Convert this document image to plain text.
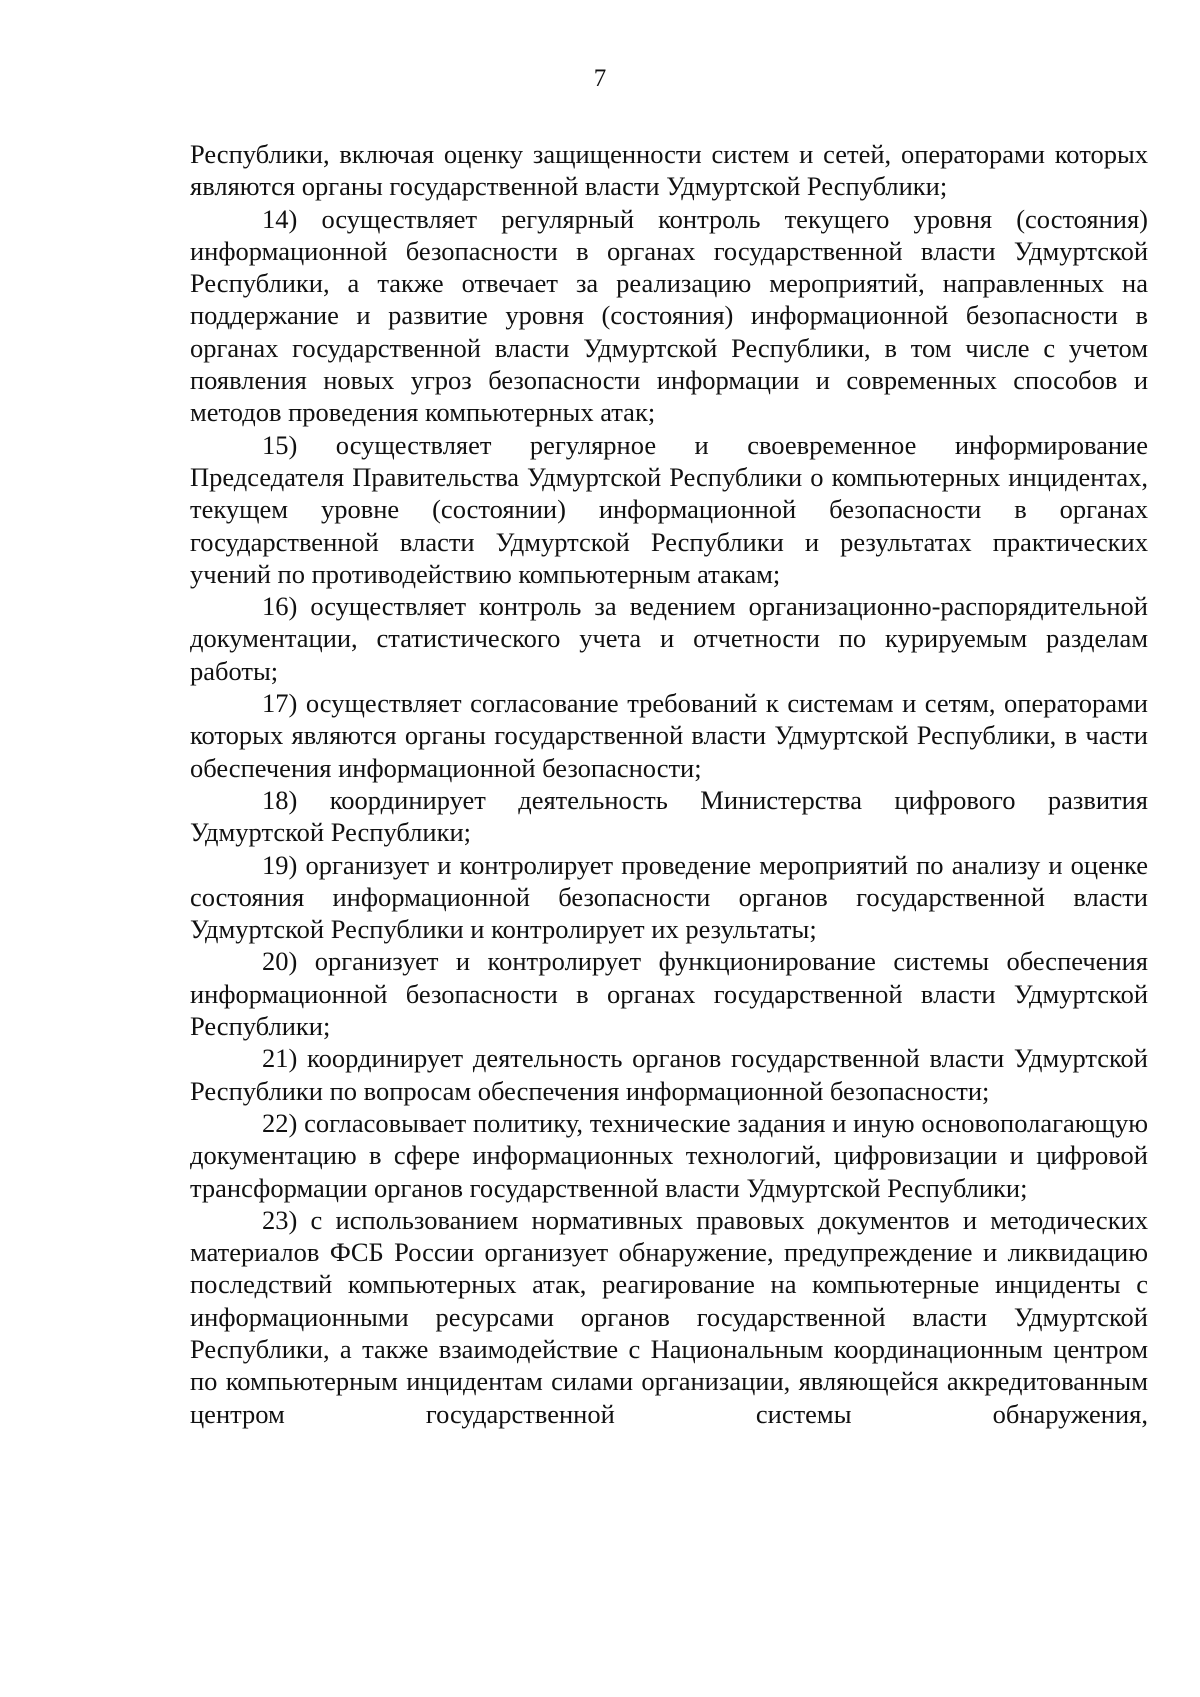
7

Республики, включая оценку защищенности систем и сетей, операторами которых являются органы государственной власти Удмуртской Республики;

14) осуществляет регулярный контроль текущего уровня (состояния) информационной безопасности в органах государственной власти Удмуртской Республики, а также отвечает за реализацию мероприятий, направленных на поддержание и развитие уровня (состояния) информационной безопасности в органах государственной власти Удмуртской Республики, в том числе с учетом появления новых угроз безопасности информации и современных способов и методов проведения компьютерных атак;

15) осуществляет регулярное и своевременное информирование Председателя Правительства Удмуртской Республики о компьютерных инцидентах, текущем уровне (состоянии) информационной безопасности в органах государственной власти Удмуртской Республики и результатах практических учений по противодействию компьютерным атакам;

16) осуществляет контроль за ведением организационно-распорядительной документации, статистического учета и отчетности по курируемым разделам работы;

17) осуществляет согласование требований к системам и сетям, операторами которых являются органы государственной власти Удмуртской Республики, в части обеспечения информационной безопасности;

18) координирует деятельность Министерства цифрового развития Удмуртской Республики;

19) организует и контролирует проведение мероприятий по анализу и оценке состояния информационной безопасности органов государственной власти Удмуртской Республики и контролирует их результаты;

20) организует и контролирует функционирование системы обеспечения информационной безопасности в органах государственной власти Удмуртской Республики;

21) координирует деятельность органов государственной власти Удмуртской Республики по вопросам обеспечения информационной безопасности;

22) согласовывает политику, технические задания и иную основополагающую документацию в сфере информационных технологий, цифровизации и цифровой трансформации органов государственной власти Удмуртской Республики;

23) с использованием нормативных правовых документов и методических материалов ФСБ России организует обнаружение, предупреждение и ликвидацию последствий компьютерных атак, реагирование на компьютерные инциденты с информационными ресурсами органов государственной власти Удмуртской Республики, а также взаимодействие с Национальным координационным центром по компьютерным инцидентам силами организации, являющейся аккредитованным центром государственной системы обнаружения,
